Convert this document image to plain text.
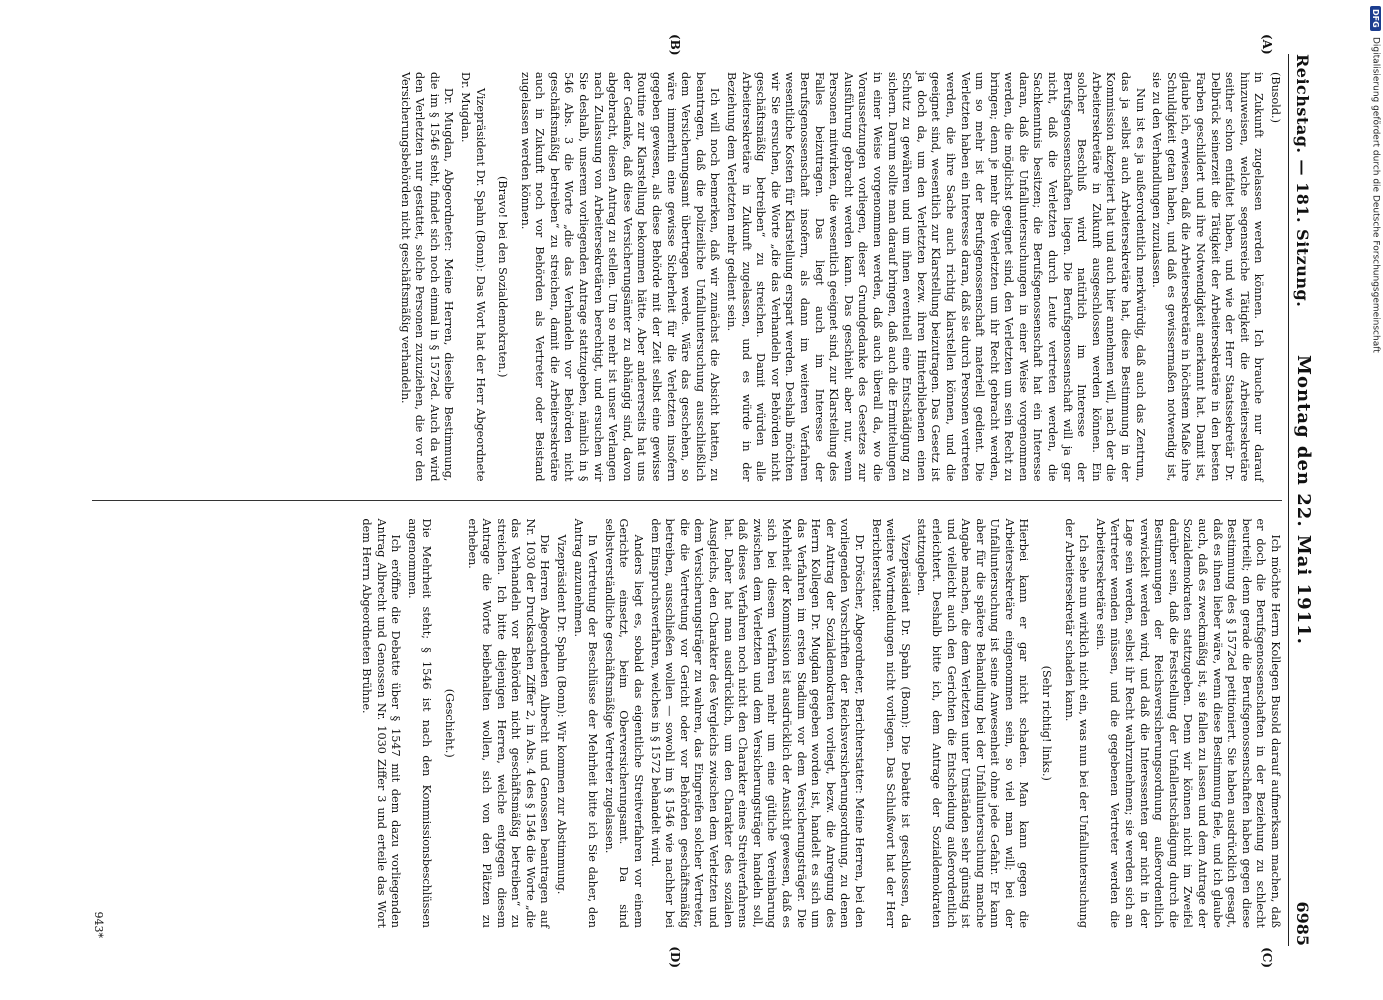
Reichstag. — 181. Sitzung.
Montag den 22. Mai 1911.
6985
(A)
(B)
(C)
(D)

(Busold.)

in Zukunft zugelassen werden können. Ich brauche nur darauf hinzuweisen, welche segensreiche Tätigkeit die Arbeitersekretäre seither schon entfaltet haben, und wie der Herr Staatssekretär Dr. Delbrück seinerzeit die Tätigkeit der Arbeitersekretäre in den besten Farben geschildert und ihre Notwendigkeit anerkannt hat. Damit ist, glaube ich, erwiesen, daß die Arbeitersekretäre in höchstem Maße ihre Schuldigkeit getan haben, und daß es gewissermaßen notwendig ist, sie zu den Verhandlungen zuzulassen.

Nun ist es ja außerordentlich merkwürdig, daß auch das Zentrum, das ja selbst auch Arbeitersekretäre hat, diese Bestimmung in der Kommission akzeptiert hat und auch hier annehmen will, nach der die Arbeitersekretäre in Zukunft ausgeschlossen werden können. Ein solcher Beschluß wird natürlich im Interesse der Berufsgenossenschaften liegen. Die Berufsgenossenschaft will ja gar nicht, daß die Verletzten durch Leute vertreten werden, die Sachkenntnis besitzen; die Berufsgenossenschaft hat ein Interesse daran, daß die Unfalluntersuchungen in einer Weise vorgenommen werden, die möglichst geeignet sind, den Verletzten um sein Recht zu bringen; denn je mehr die Verletzten um ihr Recht gebracht werden, um so mehr ist der Berufsgenossenschaft materiell gedient. Die Verletzten haben ein Interesse daran, daß sie durch Personen vertreten werden, die ihre Sache auch richtig klarstellen können, und die geeignet sind, wesentlich zur Klarstellung beizutragen. Das Gesetz ist ja doch da, um den Verletzten bezw. ihren Hinterbliebenen einen Schutz zu gewähren und um ihnen eventuell eine Entschädigung zu sichern. Darum sollte man darauf bringen, daß auch die Ermittelungen in einer Weise vorgenommen werden, daß auch überall da, wo die Voraussetzungen vorliegen, dieser Grundgedanke des Gesetzes zur Ausführung gebracht werden kann. Das geschieht aber nur, wenn Personen mitwirken, die wesentlich geeignet sind, zur Klarstellung des Falles beizutragen. Das liegt auch im Interesse der Berufsgenossenschaft insofern, als dann im weiteren Verfahren wesentliche Kosten für Klarstellung erspart werden. Deshalb möchten wir Sie ersuchen, die Worte „die das Verhandeln vor Behörden nicht geschäftsmäßig betreiben“ zu streichen. Damit würden alle Arbeitersekretäre in Zukunft zugelassen, und es würde in der Beziehung dem Verletzten mehr gedient sein.

Ich will noch bemerken, daß wir zunächst die Absicht hatten, zu beantragen, daß die polizeiliche Unfalluntersuchung ausschließlich dem Versicherungsamt übertragen werde. Wäre das geschehen, so wäre immerhin eine gewisse Sicherheit für die Verletzten insofern gegeben gewesen, als diese Behörde mit der Zeit selbst eine gewisse Routine zur Klarstellung bekommen hätte. Aber andererseits hat uns der Gedanke, daß diese Versicherungsämter zu abhängig sind, davon abgebracht, diesen Antrag zu stellen. Um so mehr ist unser Verlangen nach Zulassung von Arbeitersekretären berechtigt, und ersuchen wir Sie deshalb, unserem vorliegenden Antrage stattzugeben, nämlich in § 546 Abs. 3 die Worte „die das Verhandeln vor Behörden nicht geschäftsmäßig betreiben“ zu streichen, damit die Arbeitersekretäre auch in Zukunft noch vor Behörden als Vertreter oder Beistand zugelassen werden können.

(Bravo! bei den Sozialdemokraten.)

Vizepräsident Dr. Spahn (Bonn): Das Wort hat der Herr Abgeordnete Dr. Mugdan.

Dr. Mugdan, Abgeordneter: Meine Herren, dieselbe Bestimmung, die im § 1546 steht, findet sich noch einmal in § 1572ed. Auch da wird den Verletzten nur gestattet, solche Personen zuzuziehen, die vor den Versicherungsbehörden nicht geschäftsmäßig verhandeln.

Ich möchte Herrn Kollegen Busold darauf aufmerksam machen, daß er doch die Berufsgenossenschaften in der Beziehung zu schlecht beurteilt; denn gerade die Berufsgenossenschaften haben gegen diese Bestimmung des § 1572ed petitioniert. Sie haben ausdrücklich gesagt, daß es ihnen lieber wäre, wenn diese Bestimmung fiele, und ich glaube auch, daß es zweckmäßig ist, sie fallen zu lassen und dem Antrage der Sozialdemokraten stattzugeben. Denn wir können nicht im Zweifel darüber sein, daß die Feststellung der Unfallentschädigung durch die Bestimmungen der Reichsversicherungsordnung außerordentlich verwickelt werden wird, und daß die Interessenten gar nicht in der Lage sein werden, selbst ihr Recht wahrzunehmen; sie werden sich an Vertreter wenden müssen, und die gegebenen Vertreter werden die Arbeitersekretäre sein.

Ich sehe nun wirklich nicht ein, was nun bei der Unfalluntersuchung der Arbeitersekretär schaden kann.

(Sehr richtig! links.)

Hierbei kann er gar nicht schaden. Man kann gegen die Arbeitersekretäre eingenommen sein, so viel man will; bei der Unfalluntersuchung ist seine Anwesenheit ohne jede Gefahr. Er kann aber für die spätere Behandlung bei der Unfalluntersuchung manche Angabe machen, die dem Verletzten unter Umständen sehr günstig ist und vielleicht auch den Gerichten die Entscheidung außerordentlich erleichtert. Deshalb bitte ich, dem Antrage der Sozialdemokraten stattzugeben.

Vizepräsident Dr. Spahn (Bonn): Die Debatte ist geschlossen, da weitere Wortmeldungen nicht vorliegen. Das Schlußwort hat der Herr Berichterstatter.

Dr. Dröscher, Abgeordneter, Berichterstatter: Meine Herren, bei den vorliegenden Vorschriften der Reichsversicherungsordnung, zu denen der Antrag der Sozialdemokraten vorliegt, bezw. die Anregung des Herrn Kollegen Dr. Mugdan gegeben worden ist, handelt es sich um das Verfahren im ersten Stadium vor dem Versicherungsträger. Die Mehrheit der Kommission ist ausdrücklich der Ansicht gewesen, daß es sich bei diesem Verfahren mehr um eine gütliche Vereinbarung zwischen dem Verletzten und dem Versicherungsträger handeln soll, daß dieses Verfahren noch nicht den Charakter eines Streitverfahrens hat. Daher hat man ausdrücklich, um den Charakter des sozialen Ausgleichs, den Charakter des Vergleichs zwischen dem Verletzten und dem Versicherungsträger zu wahren, das Eingreifen solcher Vertreter, die die Vertretung vor Gericht oder vor Behörden geschäftsmäßig betreiben, ausschließen wollen — sowohl im § 1546 wie nachher bei dem Einspruchsverfahren, welches in § 1572 behandelt wird.

Anders liegt es, sobald das eigentliche Streitverfahren vor einem Gerichte einsetzt, beim Oberversicherungsamt. Da sind selbstverständliche geschäftsmäßige Vertreter zugelassen.

In Vertretung der Beschlüsse der Mehrheit bitte ich Sie daher, den Antrag anzunehmen.

Vizepräsident Dr. Spahn (Bonn): Wir kommen zur Abstimmung.

Die Herren Abgeordneten Albrecht und Genossen beantragen auf Nr. 1030 der Drucksachen Ziffer 2, in Abs. 4 des § 1546 die Worte „die das Verhandeln vor Behörden nicht geschäftsmäßig betreiben“ zu streichen. Ich bitte diejenigen Herren, welche entgegen diesem Antrage die Worte beibehalten wollen, sich von den Plätzen zu erheben.

(Geschieht.)

Die Mehrheit steht; § 1546 ist nach den Kommissionsbeschlüssen angenommen.

Ich eröffne die Debatte über § 1547 mit dem dazu vorliegenden Antrag Albrecht und Genossen Nr. 1030 Ziffer 3 und erteile das Wort dem Herrn Abgeordneten Brühne.

943*
DFG
Digitalisierung gefördert durch die Deutsche Forschungsgemeinschaft
